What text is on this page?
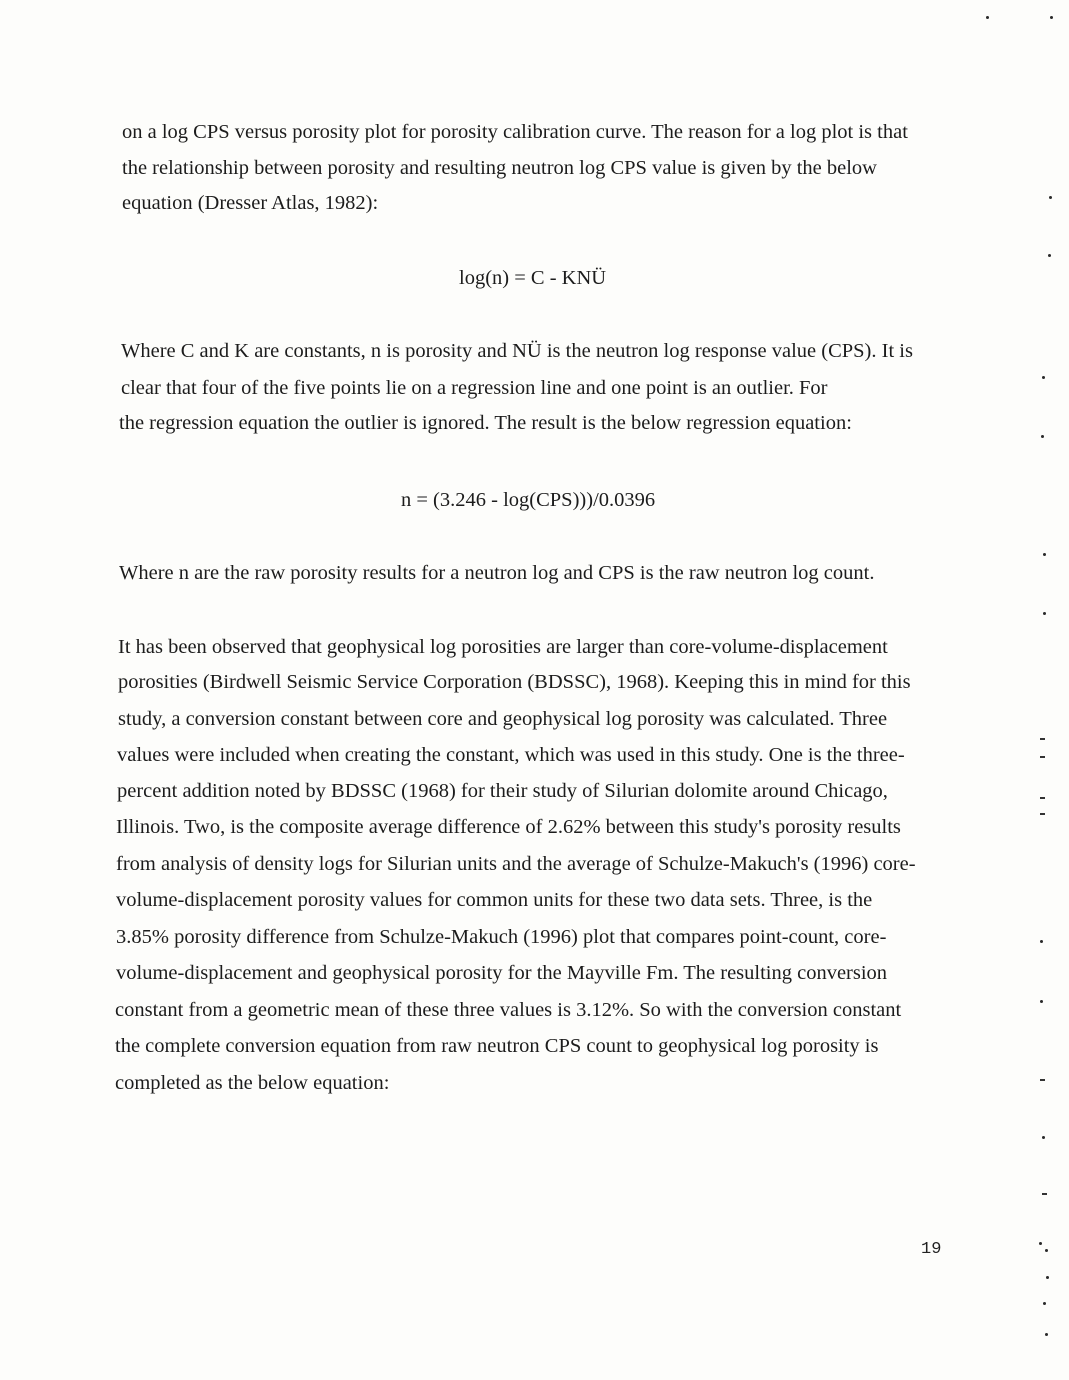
on a log CPS versus porosity plot for porosity calibration curve. The reason for a log plot is that
the relationship between porosity and resulting neutron log CPS value is given by the below
equation (Dresser Atlas, 1982):
log(n) = C - KNÜ
Where C and K are constants, n is porosity and NÜ is the neutron log response value (CPS). It is
clear that four of the five points lie on a regression line and one point is an outlier. For
the regression equation the outlier is ignored. The result is the below regression equation:
n = (3.246 - log(CPS)))/0.0396
Where n are the raw porosity results for a neutron log and CPS is the raw neutron log count.
It has been observed that geophysical log porosities are larger than core-volume-displacement
porosities (Birdwell Seismic Service Corporation (BDSSC), 1968). Keeping this in mind for this
study, a conversion constant between core and geophysical log porosity was calculated. Three
values were included when creating the constant, which was used in this study. One is the three-
percent addition noted by BDSSC (1968) for their study of Silurian dolomite around Chicago,
Illinois. Two, is the composite average difference of 2.62% between this study's porosity results
from analysis of density logs for Silurian units and the average of Schulze-Makuch's (1996) core-
volume-displacement porosity values for common units for these two data sets. Three, is the
3.85% porosity difference from Schulze-Makuch (1996) plot that compares point-count, core-
volume-displacement and geophysical porosity for the Mayville Fm. The resulting conversion
constant from a geometric mean of these three values is 3.12%. So with the conversion constant
the complete conversion equation from raw neutron CPS count to geophysical log porosity is
completed as the below equation:
19
